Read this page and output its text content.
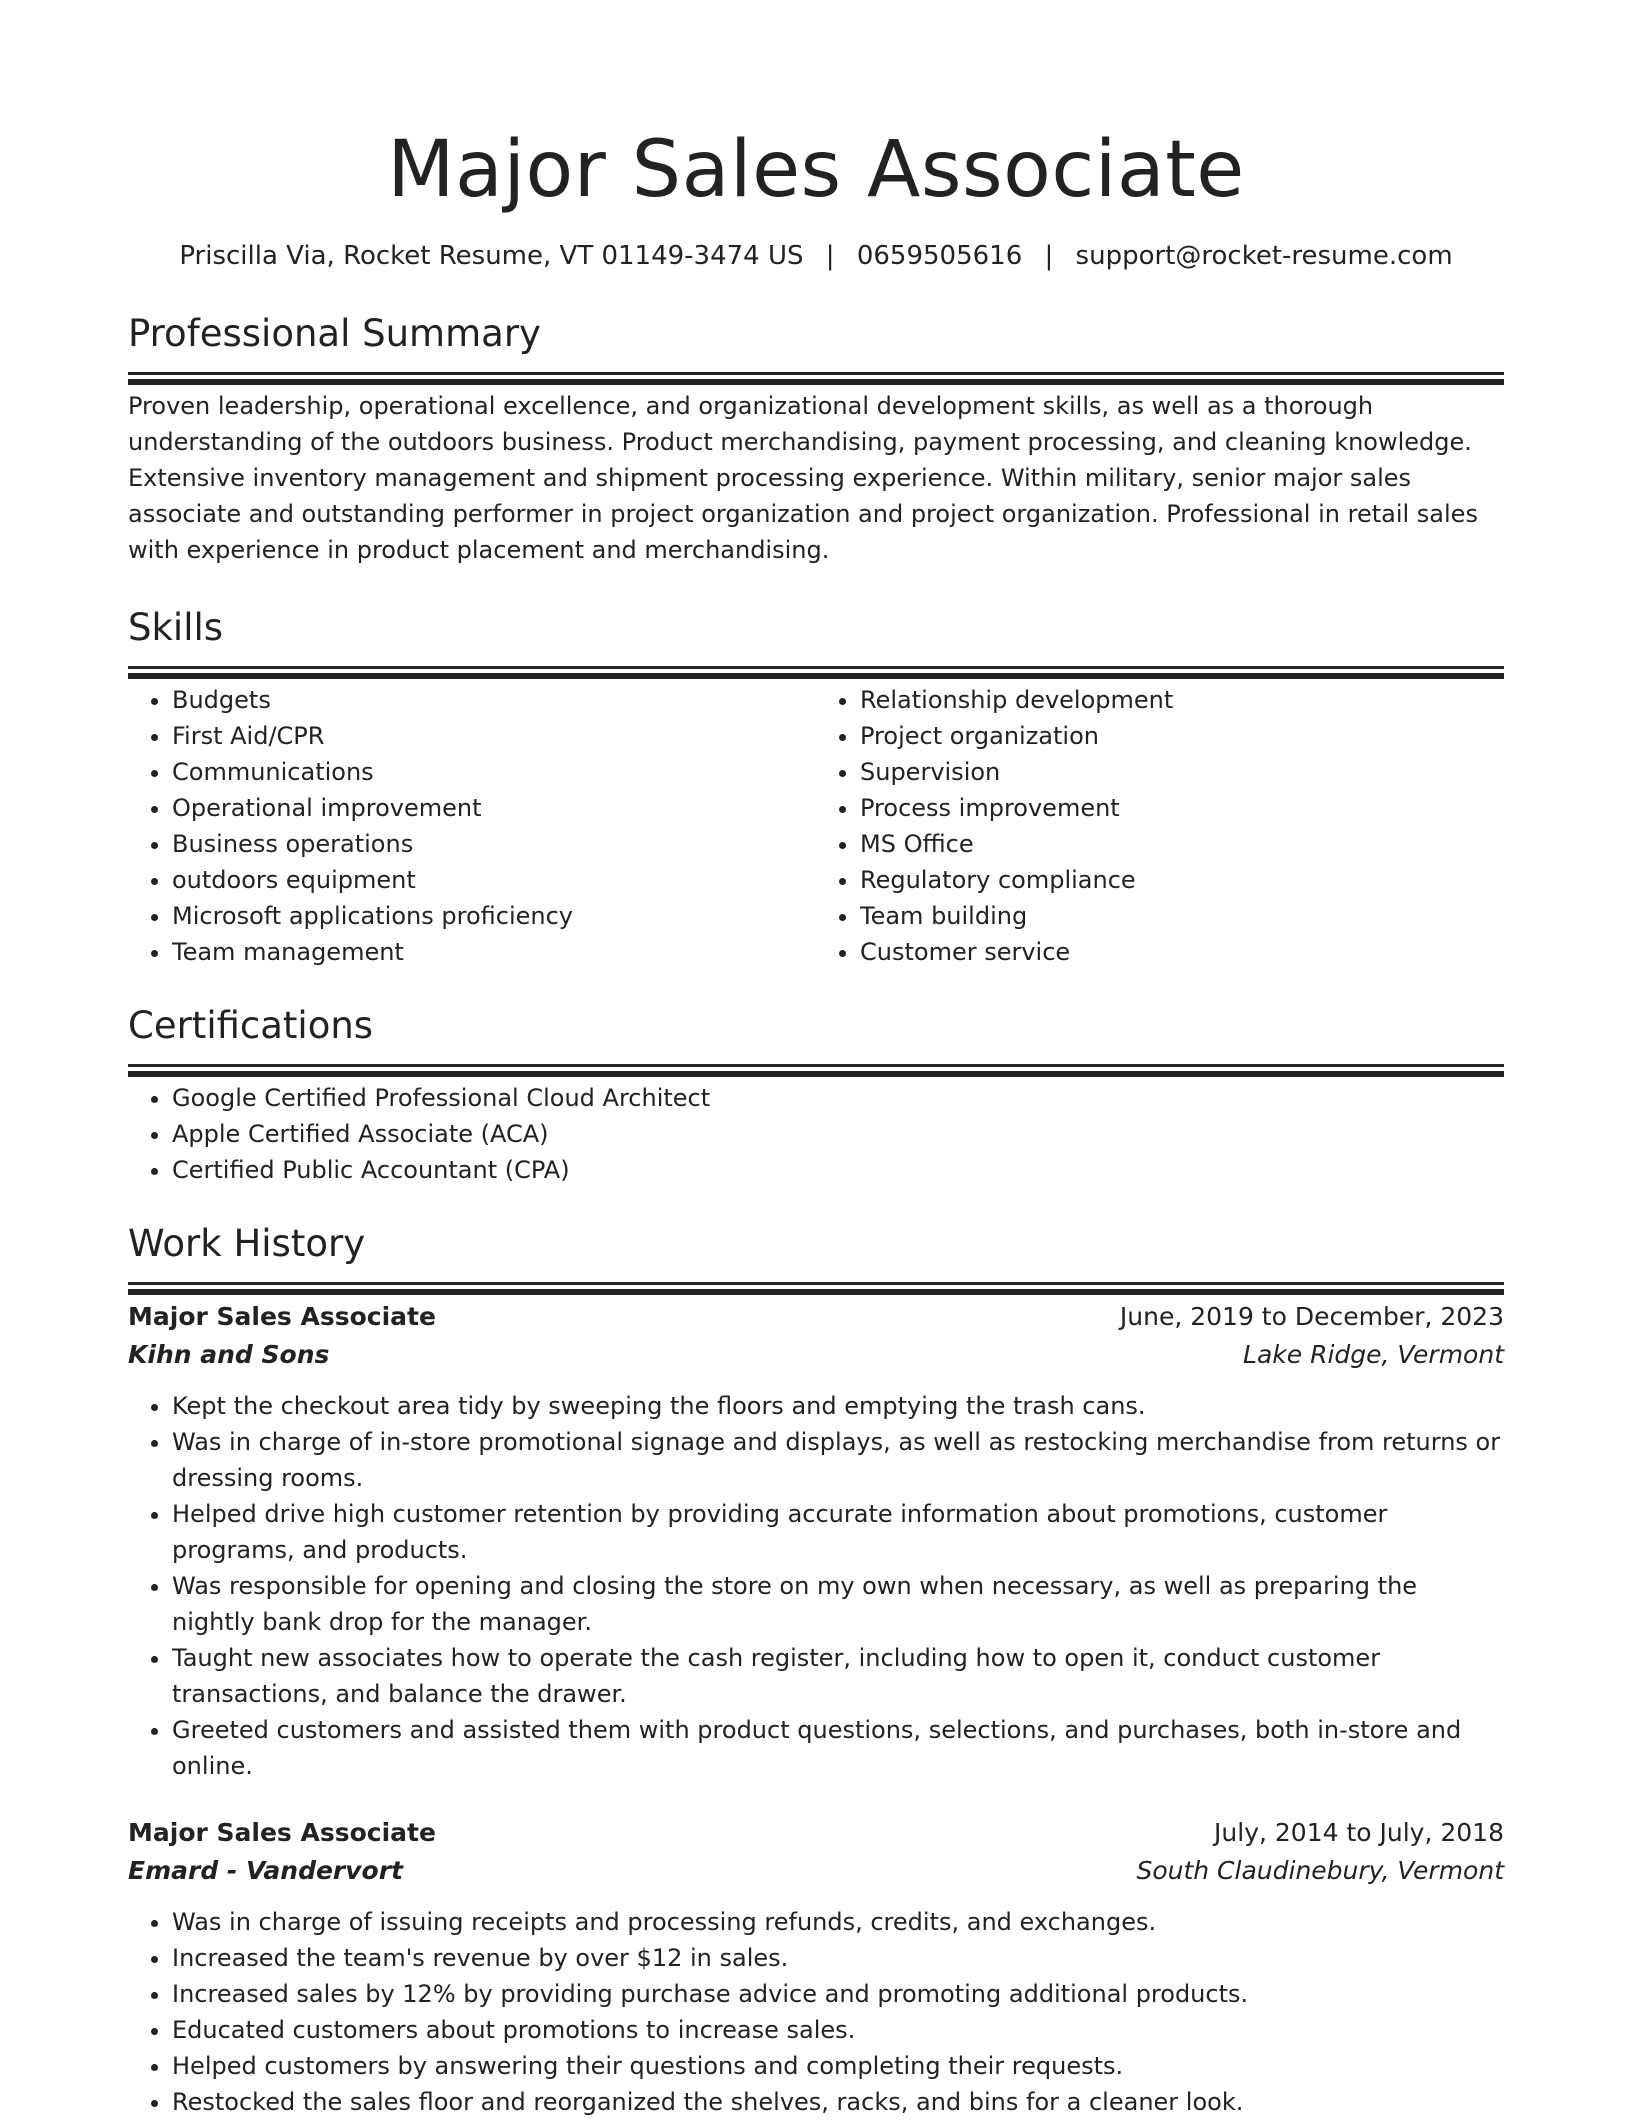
Major Sales Associate
Priscilla Via, Rocket Resume, VT 01149-3474 US | 0659505616 | support@rocket-resume.com
Professional Summary

Proven leadership, operational excellence, and organizational development skills, as well as a thorough understanding of the outdoors business. Product merchandising, payment processing, and cleaning knowledge. Extensive inventory management and shipment processing experience. Within military, senior major sales associate and outstanding performer in project organization and project organization. Professional in retail sales with experience in product placement and merchandising.

Skills
• Budgets
• First Aid/CPR
• Communications
• Operational improvement
• Business operations
• outdoors equipment
• Microsoft applications proficiency
• Team management
• Relationship development
• Project organization
• Supervision
• Process improvement
• MS Office
• Regulatory compliance
• Team building
• Customer service
Certifications
• Google Certified Professional Cloud Architect
• Apple Certified Associate (ACA)
• Certified Public Accountant (CPA)
Work History
Major Sales Associate	June, 2019 to December, 2023
Kihn and Sons	Lake Ridge, Vermont
• Kept the checkout area tidy by sweeping the floors and emptying the trash cans.
• Was in charge of in-store promotional signage and displays, as well as restocking merchandise from returns or dressing rooms.
• Helped drive high customer retention by providing accurate information about promotions, customer programs, and products.
• Was responsible for opening and closing the store on my own when necessary, as well as preparing the nightly bank drop for the manager.
• Taught new associates how to operate the cash register, including how to open it, conduct customer transactions, and balance the drawer.
• Greeted customers and assisted them with product questions, selections, and purchases, both in-store and online.
Major Sales Associate	July, 2014 to July, 2018
Emard - Vandervort	South Claudinebury, Vermont
• Was in charge of issuing receipts and processing refunds, credits, and exchanges.
• Increased the team's revenue by over $12 in sales.
• Increased sales by 12% by providing purchase advice and promoting additional products.
• Educated customers about promotions to increase sales.
• Helped customers by answering their questions and completing their requests.
• Restocked the sales floor and reorganized the shelves, racks, and bins for a cleaner look.
